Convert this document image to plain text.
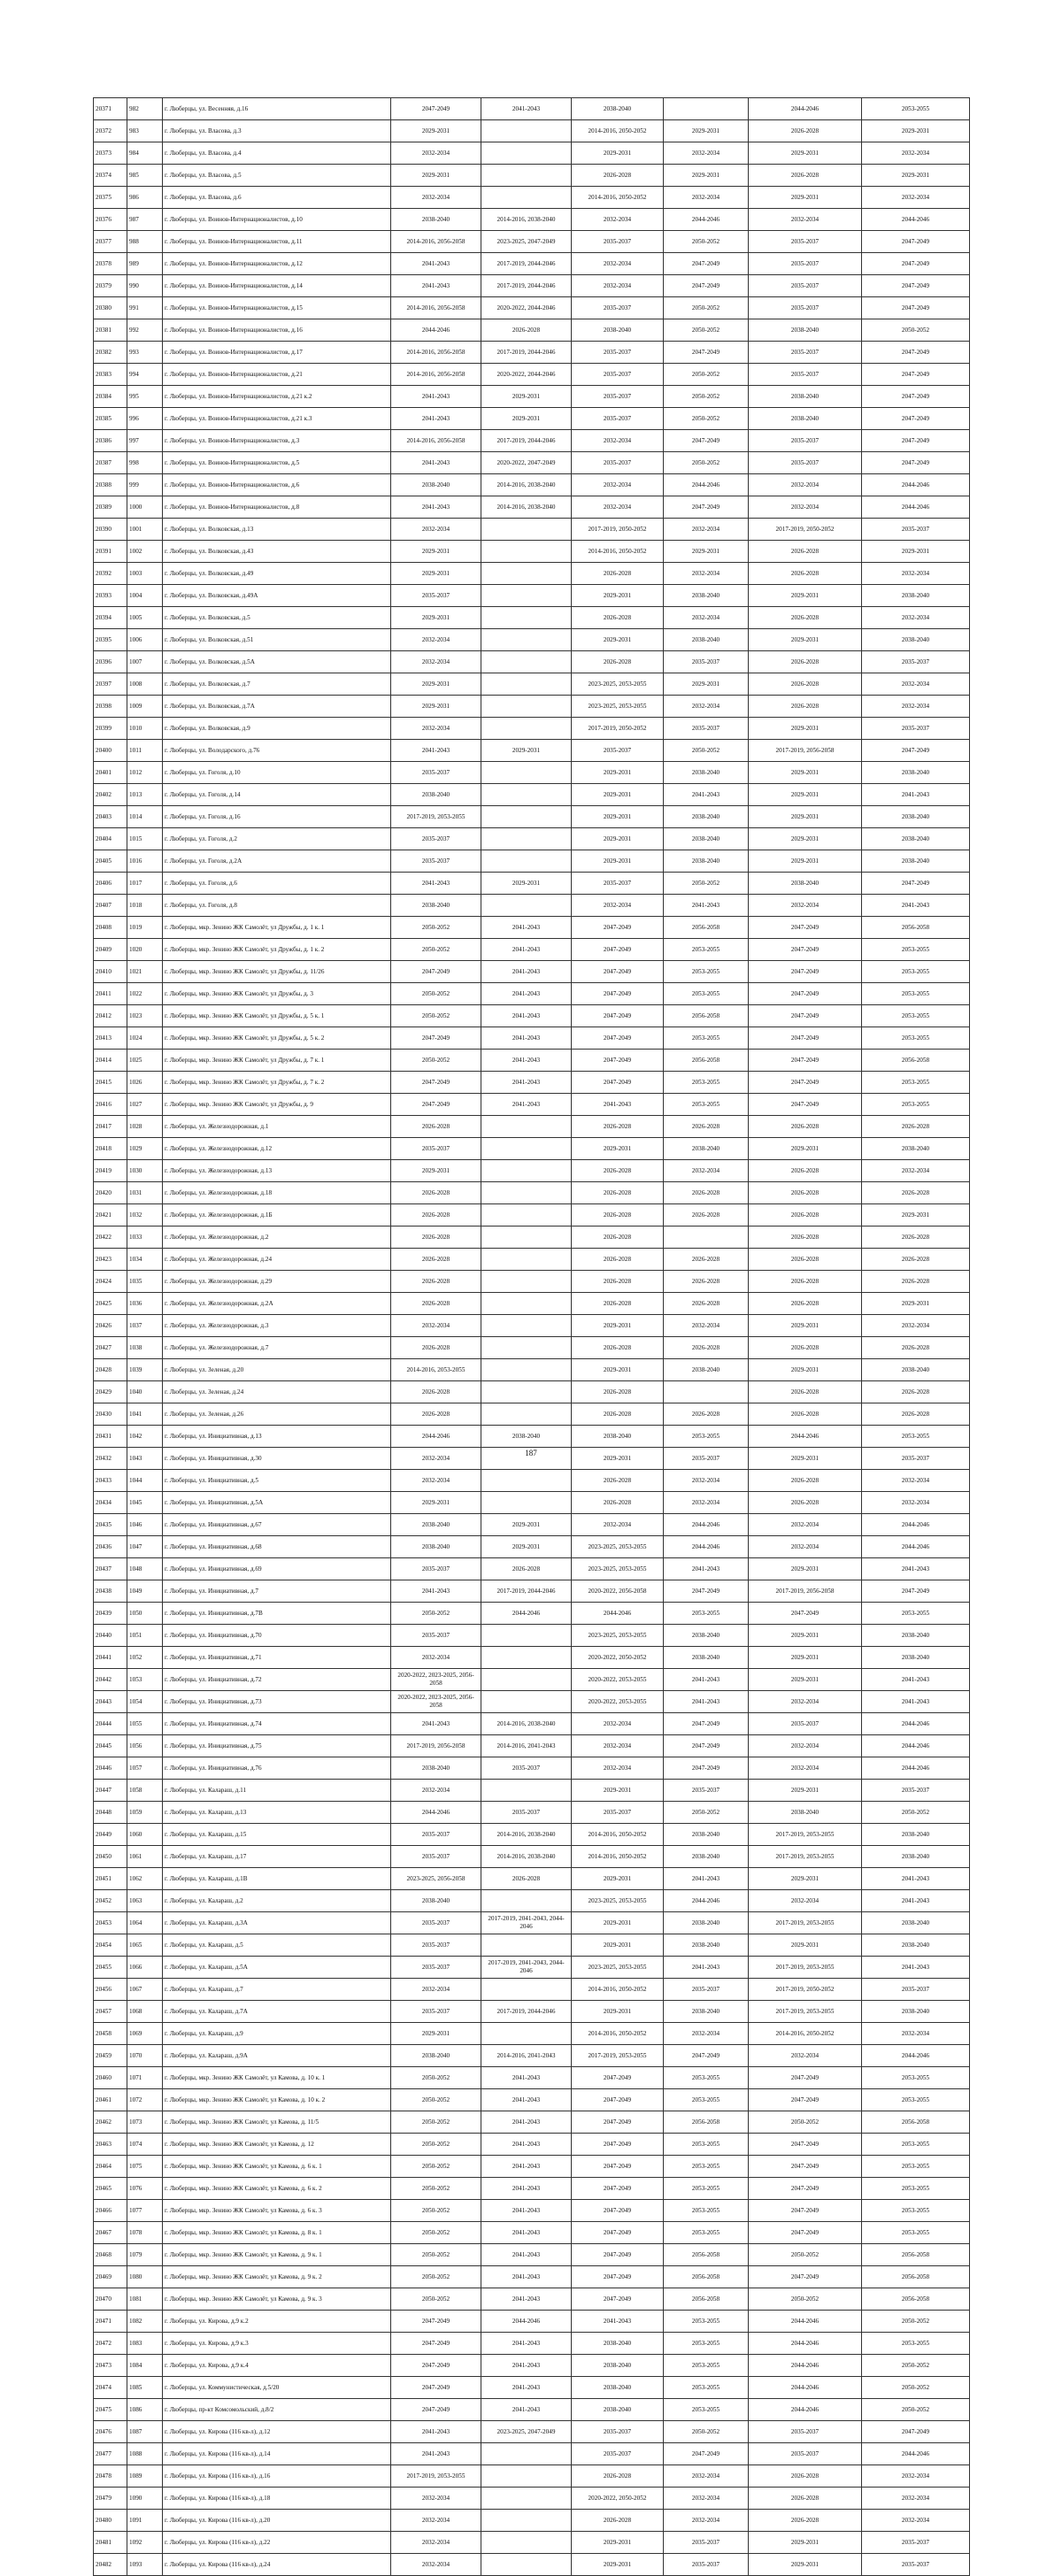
20371	982	г. Люберцы, ул. Весенняя, д.16	2047-2049	2041-2043	2038-2040		2044-2046	2053-2055
20372	983	г. Люберцы, ул. Власова, д.3	2029-2031		2014-2016, 2050-2052	2029-2031	2026-2028	2029-2031
20373	984	г. Люберцы, ул. Власова, д.4	2032-2034		2029-2031	2032-2034	2029-2031	2032-2034
20374	985	г. Люберцы, ул. Власова, д.5	2029-2031		2026-2028	2029-2031	2026-2028	2029-2031
20375	986	г. Люберцы, ул. Власова, д.6	2032-2034		2014-2016, 2050-2052	2032-2034	2029-2031	2032-2034
20376	987	г. Люберцы, ул. Воинов-Интернационалистов, д.10	2038-2040	2014-2016, 2038-2040	2032-2034	2044-2046	2032-2034	2044-2046
20377	988	г. Люберцы, ул. Воинов-Интернационалистов, д.11	2014-2016, 2056-2058	2023-2025, 2047-2049	2035-2037	2050-2052	2035-2037	2047-2049
20378	989	г. Люберцы, ул. Воинов-Интернационалистов, д.12	2041-2043	2017-2019, 2044-2046	2032-2034	2047-2049	2035-2037	2047-2049
20379	990	г. Люберцы, ул. Воинов-Интернационалистов, д.14	2041-2043	2017-2019, 2044-2046	2032-2034	2047-2049	2035-2037	2047-2049
20380	991	г. Люберцы, ул. Воинов-Интернационалистов, д.15	2014-2016, 2056-2058	2020-2022, 2044-2046	2035-2037	2050-2052	2035-2037	2047-2049
20381	992	г. Люберцы, ул. Воинов-Интернационалистов, д.16	2044-2046	2026-2028	2038-2040	2050-2052	2038-2040	2050-2052
20382	993	г. Люберцы, ул. Воинов-Интернационалистов, д.17	2014-2016, 2056-2058	2017-2019, 2044-2046	2035-2037	2047-2049	2035-2037	2047-2049
20383	994	г. Люберцы, ул. Воинов-Интернационалистов, д.21	2014-2016, 2056-2058	2020-2022, 2044-2046	2035-2037	2050-2052	2035-2037	2047-2049
20384	995	г. Люберцы, ул. Воинов-Интернационалистов, д.21 к.2	2041-2043	2029-2031	2035-2037	2050-2052	2038-2040	2047-2049
20385	996	г. Люберцы, ул. Воинов-Интернационалистов, д.21 к.3	2041-2043	2029-2031	2035-2037	2050-2052	2038-2040	2047-2049
20386	997	г. Люберцы, ул. Воинов-Интернационалистов, д.3	2014-2016, 2056-2058	2017-2019, 2044-2046	2032-2034	2047-2049	2035-2037	2047-2049
20387	998	г. Люберцы, ул. Воинов-Интернационалистов, д.5	2041-2043	2020-2022, 2047-2049	2035-2037	2050-2052	2035-2037	2047-2049
20388	999	г. Люберцы, ул. Воинов-Интернационалистов, д.6	2038-2040	2014-2016, 2038-2040	2032-2034	2044-2046	2032-2034	2044-2046
20389	1000	г. Люберцы, ул. Воинов-Интернационалистов, д.8	2041-2043	2014-2016, 2038-2040	2032-2034	2047-2049	2032-2034	2044-2046
20390	1001	г. Люберцы, ул. Волковская, д.13	2032-2034		2017-2019, 2050-2052	2032-2034	2017-2019, 2050-2052	2035-2037
20391	1002	г. Люберцы, ул. Волковская, д.43	2029-2031		2014-2016, 2050-2052	2029-2031	2026-2028	2029-2031
20392	1003	г. Люберцы, ул. Волковская, д.49	2029-2031		2026-2028	2032-2034	2026-2028	2032-2034
20393	1004	г. Люберцы, ул. Волковская, д.49А	2035-2037		2029-2031	2038-2040	2029-2031	2038-2040
20394	1005	г. Люберцы, ул. Волковская, д.5	2029-2031		2026-2028	2032-2034	2026-2028	2032-2034
20395	1006	г. Люберцы, ул. Волковская, д.51	2032-2034		2029-2031	2038-2040	2029-2031	2038-2040
20396	1007	г. Люберцы, ул. Волковская, д.5А	2032-2034		2026-2028	2035-2037	2026-2028	2035-2037
20397	1008	г. Люберцы, ул. Волковская, д.7	2029-2031		2023-2025, 2053-2055	2029-2031	2026-2028	2032-2034
20398	1009	г. Люберцы, ул. Волковская, д.7А	2029-2031		2023-2025, 2053-2055	2032-2034	2026-2028	2032-2034
20399	1010	г. Люберцы, ул. Волковская, д.9	2032-2034		2017-2019, 2050-2052	2035-2037	2029-2031	2035-2037
20400	1011	г. Люберцы, ул. Володарского, д.76	2041-2043	2029-2031	2035-2037	2050-2052	2017-2019, 2056-2058	2047-2049
20401	1012	г. Люберцы, ул. Гоголя, д.10	2035-2037		2029-2031	2038-2040	2029-2031	2038-2040
20402	1013	г. Люберцы, ул. Гоголя, д.14	2038-2040		2029-2031	2041-2043	2029-2031	2041-2043
20403	1014	г. Люберцы, ул. Гоголя, д.16	2017-2019, 2053-2055		2029-2031	2038-2040	2029-2031	2038-2040
20404	1015	г. Люберцы, ул. Гоголя, д.2	2035-2037		2029-2031	2038-2040	2029-2031	2038-2040
20405	1016	г. Люберцы, ул. Гоголя, д.2А	2035-2037		2029-2031	2038-2040	2029-2031	2038-2040
20406	1017	г. Люберцы, ул. Гоголя, д.6	2041-2043	2029-2031	2035-2037	2050-2052	2038-2040	2047-2049
20407	1018	г. Люберцы, ул. Гоголя, д.8	2038-2040		2032-2034	2041-2043	2032-2034	2041-2043
20408	1019	г. Люберцы, мкр. Зенино ЖК Самолёт, ул Дружбы, д. 1 к. 1	2050-2052	2041-2043	2047-2049	2056-2058	2047-2049	2056-2058
20409	1020	г. Люберцы, мкр. Зенино ЖК Самолёт, ул Дружбы, д. 1 к. 2	2050-2052	2041-2043	2047-2049	2053-2055	2047-2049	2053-2055
20410	1021	г. Люберцы, мкр. Зенино ЖК Самолёт, ул Дружбы, д. 11/26	2047-2049	2041-2043	2047-2049	2053-2055	2047-2049	2053-2055
20411	1022	г. Люберцы, мкр. Зенино ЖК Самолёт, ул Дружбы, д. 3	2050-2052	2041-2043	2047-2049	2053-2055	2047-2049	2053-2055
20412	1023	г. Люберцы, мкр. Зенино ЖК Самолёт, ул Дружбы, д. 5 к. 1	2050-2052	2041-2043	2047-2049	2056-2058	2047-2049	2053-2055
20413	1024	г. Люберцы, мкр. Зенино ЖК Самолёт, ул Дружбы, д. 5 к. 2	2047-2049	2041-2043	2047-2049	2053-2055	2047-2049	2053-2055
20414	1025	г. Люберцы, мкр. Зенино ЖК Самолёт, ул Дружбы, д. 7 к. 1	2050-2052	2041-2043	2047-2049	2056-2058	2047-2049	2056-2058
20415	1026	г. Люберцы, мкр. Зенино ЖК Самолёт, ул Дружбы, д. 7 к. 2	2047-2049	2041-2043	2047-2049	2053-2055	2047-2049	2053-2055
20416	1027	г. Люберцы, мкр. Зенино ЖК Самолёт, ул Дружбы, д. 9	2047-2049	2041-2043	2041-2043	2053-2055	2047-2049	2053-2055
20417	1028	г. Люберцы, ул. Железнодорожная, д.1	2026-2028		2026-2028	2026-2028	2026-2028	2026-2028
20418	1029	г. Люберцы, ул. Железнодорожная, д.12	2035-2037		2029-2031	2038-2040	2029-2031	2038-2040
20419	1030	г. Люберцы, ул. Железнодорожная, д.13	2029-2031		2026-2028	2032-2034	2026-2028	2032-2034
20420	1031	г. Люберцы, ул. Железнодорожная, д.18	2026-2028		2026-2028	2026-2028	2026-2028	2026-2028
20421	1032	г. Люберцы, ул. Железнодорожная, д.1Б	2026-2028		2026-2028	2026-2028	2026-2028	2029-2031
20422	1033	г. Люберцы, ул. Железнодорожная, д.2	2026-2028		2026-2028		2026-2028	2026-2028
20423	1034	г. Люберцы, ул. Железнодорожная, д.24	2026-2028		2026-2028	2026-2028	2026-2028	2026-2028
20424	1035	г. Люберцы, ул. Железнодорожная, д.29	2026-2028		2026-2028	2026-2028	2026-2028	2026-2028
20425	1036	г. Люберцы, ул. Железнодорожная, д.2А	2026-2028		2026-2028	2026-2028	2026-2028	2029-2031
20426	1037	г. Люберцы, ул. Железнодорожная, д.3	2032-2034		2029-2031	2032-2034	2029-2031	2032-2034
20427	1038	г. Люберцы, ул. Железнодорожная, д.7	2026-2028		2026-2028	2026-2028	2026-2028	2026-2028
20428	1039	г. Люберцы, ул. Зеленая, д.20	2014-2016, 2053-2055		2029-2031	2038-2040	2029-2031	2038-2040
20429	1040	г. Люберцы, ул. Зеленая, д.24	2026-2028		2026-2028		2026-2028	2026-2028
20430	1041	г. Люберцы, ул. Зеленая, д.26	2026-2028		2026-2028	2026-2028	2026-2028	2026-2028
20431	1042	г. Люберцы, ул. Инициативная, д.13	2044-2046	2038-2040	2038-2040	2053-2055	2044-2046	2053-2055
20432	1043	г. Люберцы, ул. Инициативная, д.30	2032-2034		2029-2031	2035-2037	2029-2031	2035-2037
20433	1044	г. Люберцы, ул. Инициативная, д.5	2032-2034		2026-2028	2032-2034	2026-2028	2032-2034
20434	1045	г. Люберцы, ул. Инициативная, д.5А	2029-2031		2026-2028	2032-2034	2026-2028	2032-2034
20435	1046	г. Люберцы, ул. Инициативная, д.67	2038-2040	2029-2031	2032-2034	2044-2046	2032-2034	2044-2046
20436	1047	г. Люберцы, ул. Инициативная, д.68	2038-2040	2029-2031	2023-2025, 2053-2055	2044-2046	2032-2034	2044-2046
20437	1048	г. Люберцы, ул. Инициативная, д.69	2035-2037	2026-2028	2023-2025, 2053-2055	2041-2043	2029-2031	2041-2043
20438	1049	г. Люберцы, ул. Инициативная, д.7	2041-2043	2017-2019, 2044-2046	2020-2022, 2056-2058	2047-2049	2017-2019, 2056-2058	2047-2049
20439	1050	г. Люберцы, ул. Инициативная, д.7В	2050-2052	2044-2046	2044-2046	2053-2055	2047-2049	2053-2055
20440	1051	г. Люберцы, ул. Инициативная, д.70	2035-2037		2023-2025, 2053-2055	2038-2040	2029-2031	2038-2040
20441	1052	г. Люберцы, ул. Инициативная, д.71	2032-2034		2020-2022, 2050-2052	2038-2040	2029-2031	2038-2040
20442	1053	г. Люберцы, ул. Инициативная, д.72	2020-2022, 2023-2025, 2056-2058		2020-2022, 2053-2055	2041-2043	2029-2031	2041-2043
20443	1054	г. Люберцы, ул. Инициативная, д.73	2020-2022, 2023-2025, 2056-2058		2020-2022, 2053-2055	2041-2043	2032-2034	2041-2043
20444	1055	г. Люберцы, ул. Инициативная, д.74	2041-2043	2014-2016, 2038-2040	2032-2034	2047-2049	2035-2037	2044-2046
20445	1056	г. Люберцы, ул. Инициативная, д.75	2017-2019, 2056-2058	2014-2016, 2041-2043	2032-2034	2047-2049	2032-2034	2044-2046
20446	1057	г. Люберцы, ул. Инициативная, д.76	2038-2040	2035-2037	2032-2034	2047-2049	2032-2034	2044-2046
20447	1058	г. Люберцы, ул. Калараш, д.11	2032-2034		2029-2031	2035-2037	2029-2031	2035-2037
20448	1059	г. Люберцы, ул. Калараш, д.13	2044-2046	2035-2037	2035-2037	2050-2052	2038-2040	2050-2052
20449	1060	г. Люберцы, ул. Калараш, д.15	2035-2037	2014-2016, 2038-2040	2014-2016, 2050-2052	2038-2040	2017-2019, 2053-2055	2038-2040
20450	1061	г. Люберцы, ул. Калараш, д.17	2035-2037	2014-2016, 2038-2040	2014-2016, 2050-2052	2038-2040	2017-2019, 2053-2055	2038-2040
20451	1062	г. Люберцы, ул. Калараш, д.1В	2023-2025, 2056-2058	2026-2028	2029-2031	2041-2043	2029-2031	2041-2043
20452	1063	г. Люберцы, ул. Калараш, д.2	2038-2040		2023-2025, 2053-2055	2044-2046	2032-2034	2041-2043
20453	1064	г. Люберцы, ул. Калараш, д.3А	2035-2037	2017-2019, 2041-2043, 2044-2046	2029-2031	2038-2040	2017-2019, 2053-2055	2038-2040
20454	1065	г. Люберцы, ул. Калараш, д.5	2035-2037		2029-2031	2038-2040	2029-2031	2038-2040
20455	1066	г. Люберцы, ул. Калараш, д.5А	2035-2037	2017-2019, 2041-2043, 2044-2046	2023-2025, 2053-2055	2041-2043	2017-2019, 2053-2055	2041-2043
20456	1067	г. Люберцы, ул. Калараш, д.7	2032-2034		2014-2016, 2050-2052	2035-2037	2017-2019, 2050-2052	2035-2037
20457	1068	г. Люберцы, ул. Калараш, д.7А	2035-2037	2017-2019, 2044-2046	2029-2031	2038-2040	2017-2019, 2053-2055	2038-2040
20458	1069	г. Люберцы, ул. Калараш, д.9	2029-2031		2014-2016, 2050-2052	2032-2034	2014-2016, 2050-2052	2032-2034
20459	1070	г. Люберцы, ул. Калараш, д.9А	2038-2040	2014-2016, 2041-2043	2017-2019, 2053-2055	2047-2049	2032-2034	2044-2046
20460	1071	г. Люберцы, мкр. Зенино ЖК Самолёт, ул Камова, д. 10 к. 1	2050-2052	2041-2043	2047-2049	2053-2055	2047-2049	2053-2055
20461	1072	г. Люберцы, мкр. Зенино ЖК Самолёт, ул Камова, д. 10 к. 2	2050-2052	2041-2043	2047-2049	2053-2055	2047-2049	2053-2055
20462	1073	г. Люберцы, мкр. Зенино ЖК Самолёт, ул Камова, д. 11/5	2050-2052	2041-2043	2047-2049	2056-2058	2050-2052	2056-2058
20463	1074	г. Люберцы, мкр. Зенино ЖК Самолёт, ул Камова, д. 12	2050-2052	2041-2043	2047-2049	2053-2055	2047-2049	2053-2055
20464	1075	г. Люберцы, мкр. Зенино ЖК Самолёт, ул Камова, д. 6 к. 1	2050-2052	2041-2043	2047-2049	2053-2055	2047-2049	2053-2055
20465	1076	г. Люберцы, мкр. Зенино ЖК Самолёт, ул Камова, д. 6 к. 2	2050-2052	2041-2043	2047-2049	2053-2055	2047-2049	2053-2055
20466	1077	г. Люберцы, мкр. Зенино ЖК Самолёт, ул Камова, д. 6 к. 3	2050-2052	2041-2043	2047-2049	2053-2055	2047-2049	2053-2055
20467	1078	г. Люберцы, мкр. Зенино ЖК Самолёт, ул Камова, д. 8 к. 1	2050-2052	2041-2043	2047-2049	2053-2055	2047-2049	2053-2055
20468	1079	г. Люберцы, мкр. Зенино ЖК Самолёт, ул Камова, д. 9 к. 1	2050-2052	2041-2043	2047-2049	2056-2058	2050-2052	2056-2058
20469	1080	г. Люберцы, мкр. Зенино ЖК Самолёт, ул Камова, д. 9 к. 2	2050-2052	2041-2043	2047-2049	2056-2058	2047-2049	2056-2058
20470	1081	г. Люберцы, мкр. Зенино ЖК Самолёт, ул Камова, д. 9 к. 3	2050-2052	2041-2043	2047-2049	2056-2058	2050-2052	2056-2058
20471	1082	г. Люберцы, ул. Кирова, д.9 к.2	2047-2049	2044-2046	2041-2043	2053-2055	2044-2046	2050-2052
20472	1083	г. Люберцы, ул. Кирова, д.9 к.3	2047-2049	2041-2043	2038-2040	2053-2055	2044-2046	2053-2055
20473	1084	г. Люберцы, ул. Кирова, д.9 к.4	2047-2049	2041-2043	2038-2040	2053-2055	2044-2046	2050-2052
20474	1085	г. Люберцы, ул. Коммунистическая, д.5/20	2047-2049	2041-2043	2038-2040	2053-2055	2044-2046	2050-2052
20475	1086	г. Люберцы, пр-кт Комсомольский, д.8/2	2047-2049	2041-2043	2038-2040	2053-2055	2044-2046	2050-2052
20476	1087	г. Люберцы, ул. Кирова (116 кв-л), д.12	2041-2043	2023-2025, 2047-2049	2035-2037	2050-2052	2035-2037	2047-2049
20477	1088	г. Люберцы, ул. Кирова (116 кв-л), д.14	2041-2043		2035-2037	2047-2049	2035-2037	2044-2046
20478	1089	г. Люберцы, ул. Кирова (116 кв-л), д.16	2017-2019, 2053-2055		2026-2028	2032-2034	2026-2028	2032-2034
20479	1090	г. Люберцы, ул. Кирова (116 кв-л), д.18	2032-2034		2020-2022, 2050-2052	2032-2034	2026-2028	2032-2034
20480	1091	г. Люберцы, ул. Кирова (116 кв-л), д.20	2032-2034		2026-2028	2032-2034	2026-2028	2032-2034
20481	1092	г. Люберцы, ул. Кирова (116 кв-л), д.22	2032-2034		2029-2031	2035-2037	2029-2031	2035-2037
20482	1093	г. Люберцы, ул. Кирова (116 кв-л), д.24	2032-2034		2029-2031	2035-2037	2029-2031	2035-2037
187
